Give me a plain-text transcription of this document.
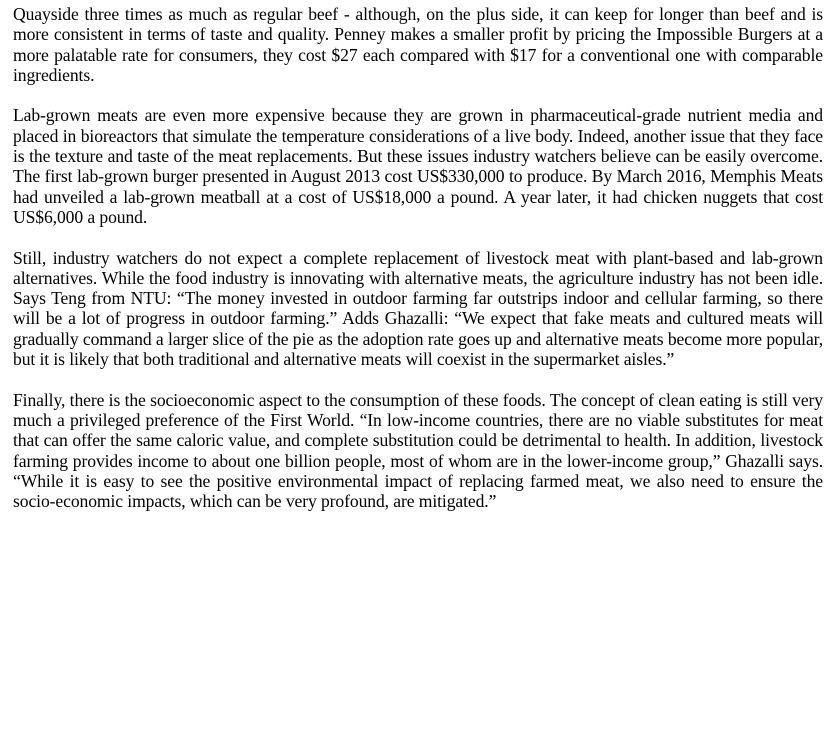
Quayside three times as much as regular beef - although, on the plus side, it can keep for longer than beef and is more consistent in terms of taste and quality. Penney makes a smaller profit by pricing the Impossible Burgers at a more palatable rate for consumers, they cost $27 each compared with $17 for a conventional one with comparable ingredients.

Lab-grown meats are even more expensive because they are grown in pharmaceutical-grade nutrient media and placed in bioreactors that simulate the temperature considerations of a live body. Indeed, another issue that they face is the texture and taste of the meat replacements. But these issues industry watchers believe can be easily overcome. The first lab-grown burger presented in August 2013 cost US$330,000 to produce. By March 2016, Memphis Meats had unveiled a lab-grown meatball at a cost of US$18,000 a pound. A year later, it had chicken nuggets that cost US$6,000 a pound.

Still, industry watchers do not expect a complete replacement of livestock meat with plant-based and lab-grown alternatives. While the food industry is innovating with alternative meats, the agriculture industry has not been idle. Says Teng from NTU: “The money invested in outdoor farming far outstrips indoor and cellular farming, so there will be a lot of progress in outdoor farming.” Adds Ghazalli: “We expect that fake meats and cultured meats will gradually command a larger slice of the pie as the adoption rate goes up and alternative meats become more popular, but it is likely that both traditional and alternative meats will coexist in the supermarket aisles.”

Finally, there is the socioeconomic aspect to the consumption of these foods. The concept of clean eating is still very much a privileged preference of the First World. “In low-income countries, there are no viable substitutes for meat that can offer the same caloric value, and complete substitution could be detrimental to health. In addition, livestock farming provides income to about one billion people, most of whom are in the lower-income group,” Ghazalli says. “While it is easy to see the positive environmental impact of replacing farmed meat, we also need to ensure the socio-economic impacts, which can be very profound, are mitigated.”
